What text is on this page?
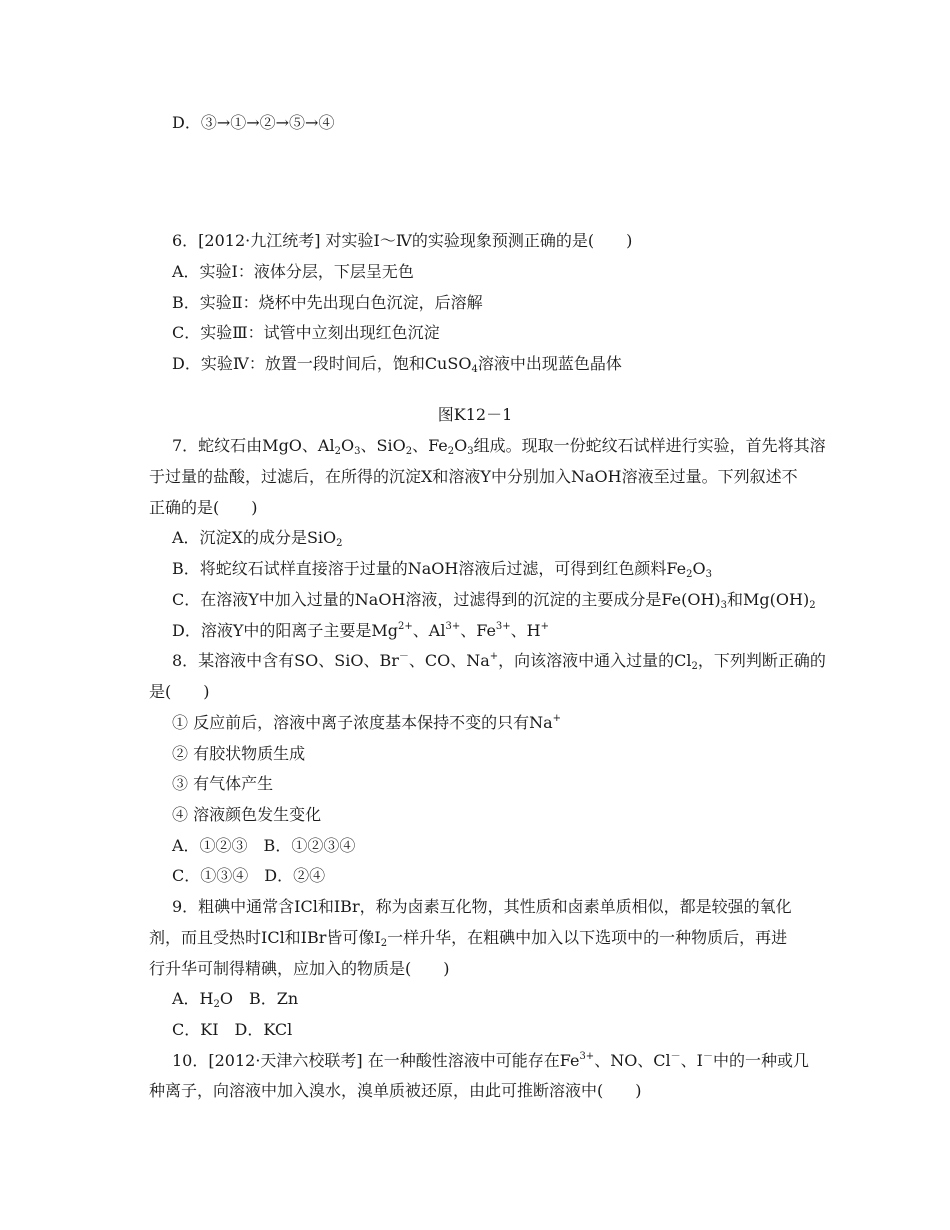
D．③→①→②→⑤→④
6．[2012·九江统考] 对实验Ⅰ～Ⅳ的实验现象预测正确的是(　　)
A．实验Ⅰ：液体分层，下层呈无色
B．实验Ⅱ：烧杯中先出现白色沉淀，后溶解
C．实验Ⅲ：试管中立刻出现红色沉淀
D．实验Ⅳ：放置一段时间后，饱和CuSO$_4$溶液中出现蓝色晶体
图K12－1
7．蛇纹石由MgO、$Al_2O_3$、SiO$_2$、$Fe_2O_3$组成。现取一份蛇纹石试样进行实验，首先将其溶
于过量的盐酸，过滤后，在所得的沉淀X和溶液Y中分别加入NaOH溶液至过量。下列叙述不
正确的是(　　)
A．沉淀X的成分是SiO$_2$
B．将蛇纹石试样直接溶于过量的NaOH溶液后过滤，可得到红色颜料$Fe_2O_3$
C．在溶液Y中加入过量的NaOH溶液，过滤得到的沉淀的主要成分是$Fe(OH)_3$和$Mg(OH)_2$
D．溶液Y中的阳离子主要是$Mg^{2+}$、$Al^{3+}$、$Fe^{3+}$、H+
8．某溶液中含有SO、SiO、Br－、CO、Na+，向该溶液中通入过量的$Cl_2$，下列判断正确的
是(　　)
① 反应前后，溶液中离子浓度基本保持不变的只有Na+
② 有胶状物质生成
③ 有气体产生
④ 溶液颜色发生变化
A．①②③　B．①②③④
C．①③④　D．②④
9．粗碘中通常含ICl和IBr，称为卤素互化物，其性质和卤素单质相似，都是较强的氧化
剂，而且受热时ICl和IBr皆可像$I_2$一样升华，在粗碘中加入以下选项中的一种物质后，再进
行升华可制得精碘，应加入的物质是(　　)
A．$H_2O$　B．Zn
C．KI　D．KCl
10．[2012·天津六校联考] 在一种酸性溶液中可能存在$Fe^{3+}$、NO、Cl－、I－中的一种或几
种离子，向溶液中加入溴水，溴单质被还原，由此可推断溶液中(　　)
